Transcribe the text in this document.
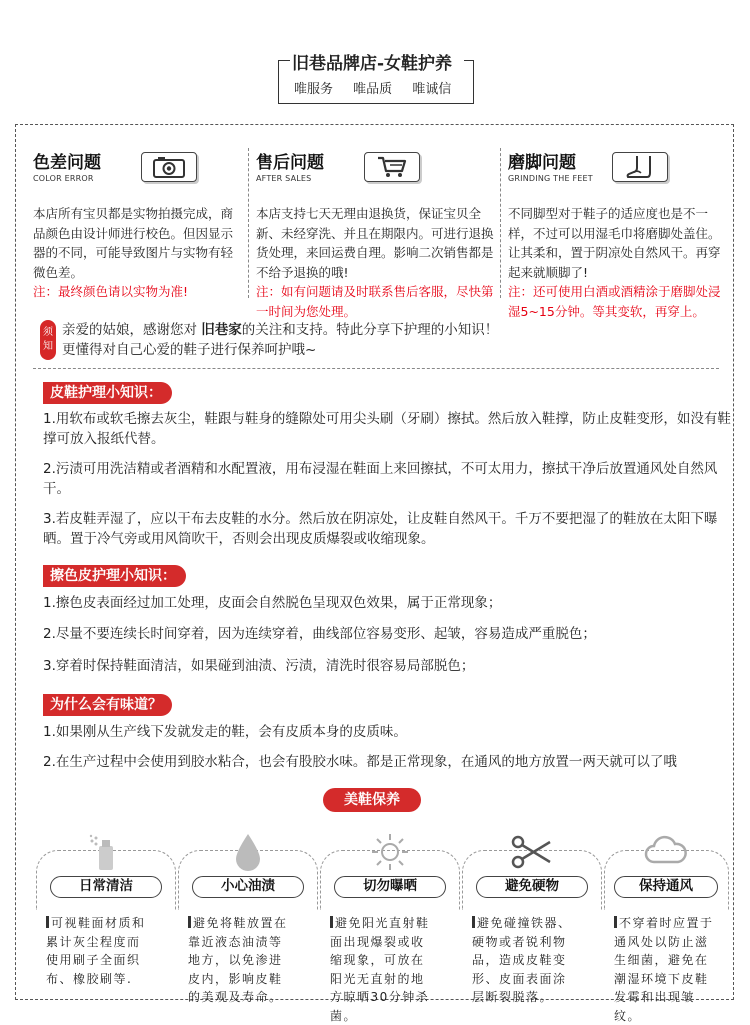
旧巷品牌店-女鞋护养
唯服务 唯品质 唯诚信
色差问题
COLOR ERROR
本店所有宝贝都是实物拍摄完成，商品颜色由设计师进行校色。但因显示器的不同，可能导致图片与实物有轻微色差。
注：最终颜色请以实物为准!
售后问题
AFTER SALES
本店支持七天无理由退换货，保证宝贝全新、未经穿洗、并且在期限内。可进行退换货处理，来回运费自理。影响二次销售都是不给予退换的哦!
注：如有问题请及时联系售后客服，尽快第一时间为您处理。
磨脚问题
GRINDING THE FEET
不同脚型对于鞋子的适应度也是不一样，不过可以用湿毛巾将磨脚处盖住。让其柔和，置于阴凉处自然风干。再穿起来就顺脚了!
注：还可使用白酒或酒精涂于磨脚处浸湿5~15分钟。等其变软，再穿上。
须
知
亲爱的姑娘，感谢您对 旧巷家的关注和支持。特此分享下护理的小知识！
更懂得对自己心爱的鞋子进行保养呵护哦~
皮鞋护理小知识：
1.用软布或软毛擦去灰尘，鞋跟与鞋身的缝隙处可用尖头刷（牙刷）擦拭。然后放入鞋撑，防止皮鞋变形，如没有鞋撑可放入报纸代替。
2.污渍可用洗洁精或者酒精和水配置液，用布浸湿在鞋面上来回擦拭，不可太用力，擦拭干净后放置通风处自然风干。
3.若皮鞋弄湿了，应以干布去皮鞋的水分。然后放在阴凉处，让皮鞋自然风干。千万不要把湿了的鞋放在太阳下曝晒。置于冷气旁或用风筒吹干，否则会出现皮质爆裂或收缩现象。
擦色皮护理小知识：
1.擦色皮表面经过加工处理，皮面会自然脱色呈现双色效果，属于正常现象；
2.尽量不要连续长时间穿着，因为连续穿着，曲线部位容易变形、起皱，容易造成严重脱色；
3.穿着时保持鞋面清洁，如果碰到油渍、污渍，清洗时很容易局部脱色；
为什么会有味道？
1.如果刚从生产线下发就发走的鞋，会有皮质本身的皮质味。
2.在生产过程中会使用到胶水粘合，也会有股胶水味。都是正常现象，在通风的地方放置一两天就可以了哦
美鞋保养
日常清洁
可视鞋面材质和累计灰尘程度而使用刷子全面织布、橡胶刷等.
小心油渍
避免将鞋放置在靠近液态油渍等地方，以免渗进皮内，影响皮鞋的美观及寿命。
切勿曝晒
避免阳光直射鞋面出现爆裂或收缩现象，可放在阳光无直射的地方晾晒30分钟杀菌。
避免硬物
避免碰撞铁器、硬物或者锐利物品，造成皮鞋变形、皮面表面涂层断裂脱落。
保持通风
不穿着时应置于通风处以防止滋生细菌，避免在潮湿环境下皮鞋发霉和出现皱纹。
